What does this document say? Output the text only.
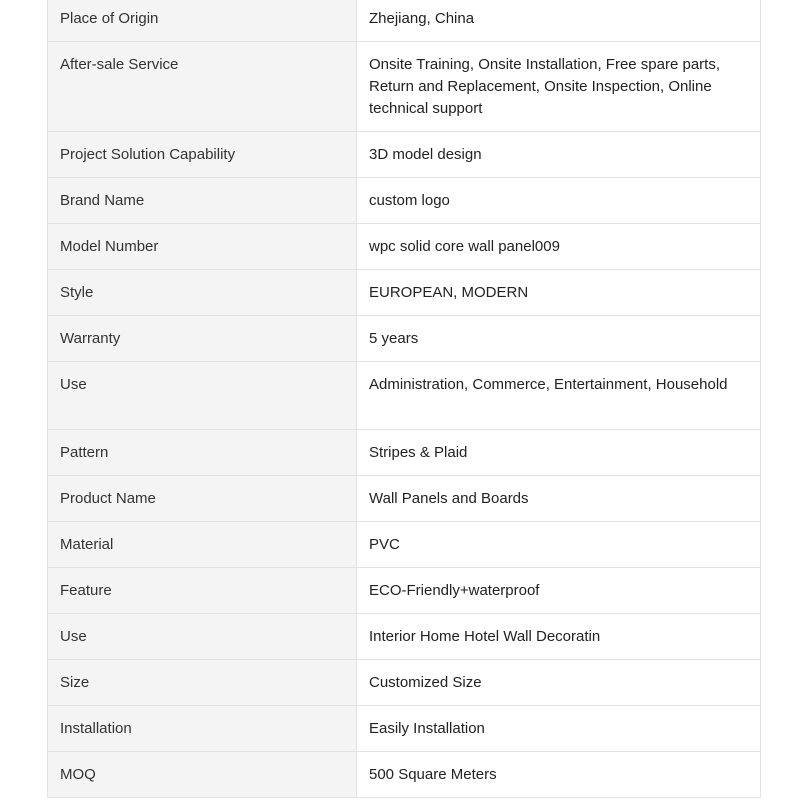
Place of Origin	Zhejiang, China
After-sale Service	Onsite Training, Onsite Installation, Free spare parts, Return and Replacement, Onsite Inspection, Online technical support
Project Solution Capability	3D model design
Brand Name	custom logo
Model Number	wpc solid core wall panel009
Style	EUROPEAN, MODERN
Warranty	5 years
Use	Administration, Commerce, Entertainment, Household
Pattern	Stripes & Plaid
Product Name	Wall Panels and Boards
Material	PVC
Feature	ECO-Friendly+waterproof
Use	Interior Home Hotel Wall Decoratin
Size	Customized Size
Installation	Easily Installation
MOQ	500 Square Meters
